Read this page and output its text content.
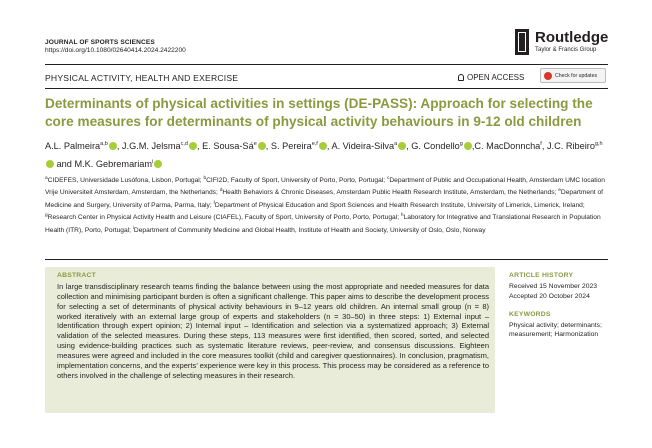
JOURNAL OF SPORTS SCIENCES
https://doi.org/10.1080/02640414.2024.2422200
Routledge
Taylor & Francis Group
PHYSICAL ACTIVITY, HEALTH AND EXERCISE	OPEN ACCESS	Check for updates
Determinants of physical activities in settings (DE-PASS): Approach for selecting the core measures for determinants of physical activity behaviours in 9-12 old children
A.L. Palmeira$^{a,b}$ , J.G.M. Jelsma$^{c,d}$ , E. Sousa-$Sá^e$ , S. Pereira$^{e,f}$ , A. Videira-Silva$^a$ , G. Condello$^g$ ,C. MacDonncha$^f$, J.C. Ribeiro$^{g,h}$ and M.K. Gebremariam$^i$
$^a$CIDEFES, Universidade Lusófona, Lisbon, Portugal; $^b$CIFI2D, Faculty of Sport, University of Porto, Porto, Portugal; $^c$Department of Public and Occupational Health, Amsterdam UMC location Vrije Universiteit Amsterdam, Amsterdam, the Netherlands; $^d$Health Behaviors & Chronic Diseases, Amsterdam Public Health Research Institute, Amsterdam, the Netherlands; $^e$Department of Medicine and Surgery, University of Parma, Parma, Italy; $^f$Department of Physical Education and Sport Sciences and Health Research Institute, University of Limerick, Limerick, Ireland; $^g$Research Center in Physical Activity Health and Leisure (CIAFEL), Faculty of Sport, University of Porto, Porto, Portugal; $^h$Laboratory for Integrative and Translational Research in Population Health (ITR), Porto, Portugal; $^i$Department of Community Medicine and Global Health, Institute of Health and Society, University of Oslo, Oslo, Norway
ABSTRACT
In large transdisciplinary research teams finding the balance between using the most appropriate and needed measures for data collection and minimising participant burden is often a significant challenge. This paper aims to describe the development process for selecting a set of determinants of physical activity behaviours in 9–12 years old children. An internal small group (n = 8) worked iteratively with an external large group of experts and stakeholders (n = 30–50) in three steps: 1) External input – Identification through expert opinion; 2) Internal input – Identification and selection via a systematized approach; 3) External validation of the selected measures. During these steps, 113 measures were first identified, then scored, sorted, and selected using evidence-building practices such as systematic literature reviews, peer-review, and consensus discussions. Eighteen measures were agreed and included in the core measures toolkit (child and caregiver questionnaires). In conclusion, pragmatism, implementation concerns, and the experts’ experience were key in this process. This process may be considered as a reference to others involved in the challenge of selecting measures in their research.
ARTICLE HISTORY
Received 15 November 2023
Accepted 20 October 2024
KEYWORDS
Physical activity; determinants; measurement; Harmonization
